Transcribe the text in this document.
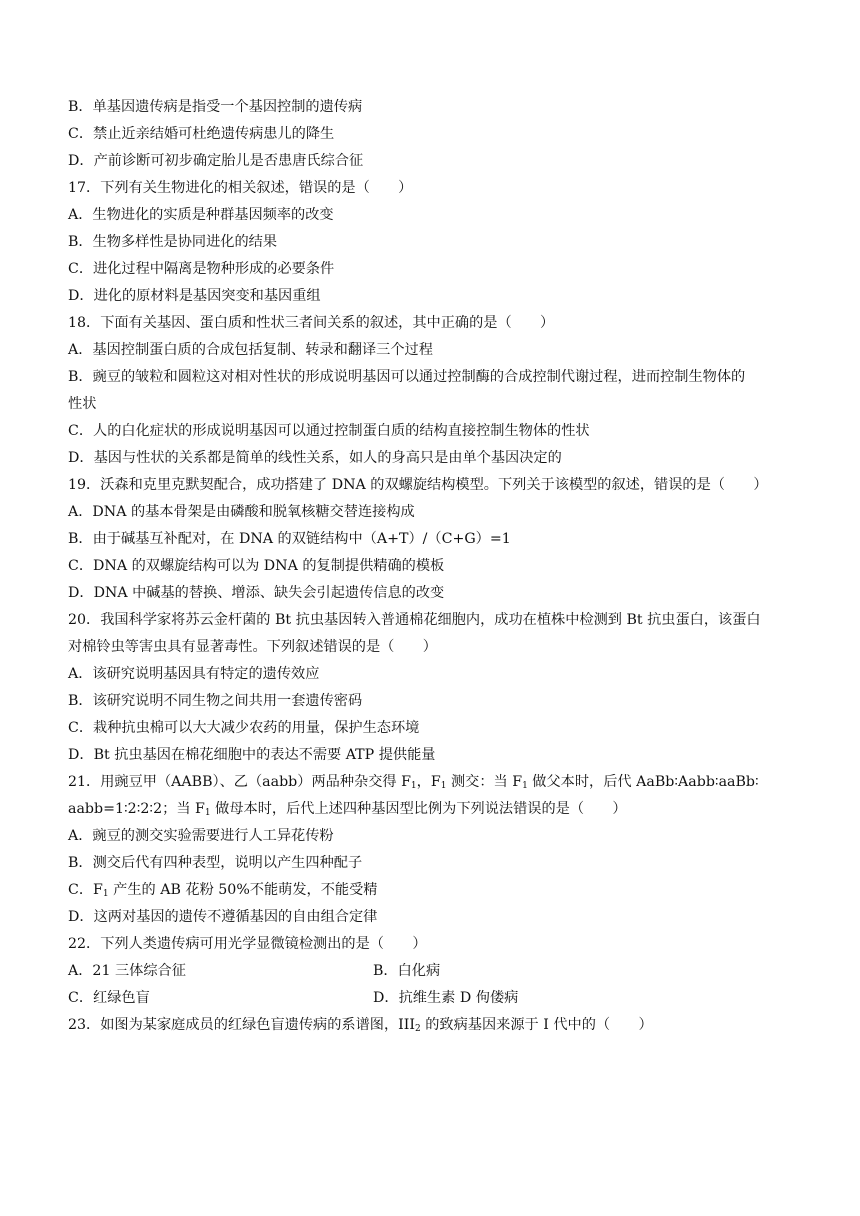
B．单基因遗传病是指受一个基因控制的遗传病
C．禁止近亲结婚可杜绝遗传病患儿的降生
D．产前诊断可初步确定胎儿是否患唐氏综合征
17．下列有关生物进化的相关叙述，错误的是（　　）
A．生物进化的实质是种群基因频率的改变
B．生物多样性是协同进化的结果
C．进化过程中隔离是物种形成的必要条件
D．进化的原材料是基因突变和基因重组
18．下面有关基因、蛋白质和性状三者间关系的叙述，其中正确的是（　　）
A．基因控制蛋白质的合成包括复制、转录和翻译三个过程
B．豌豆的皱粒和圆粒这对相对性状的形成说明基因可以通过控制酶的合成控制代谢过程，进而控制生物体的
性状
C．人的白化症状的形成说明基因可以通过控制蛋白质的结构直接控制生物体的性状
D．基因与性状的关系都是简单的线性关系，如人的身高只是由单个基因决定的
19．沃森和克里克默契配合，成功搭建了 DNA 的双螺旋结构模型。下列关于该模型的叙述，错误的是（　　）
A．DNA 的基本骨架是由磷酸和脱氧核糖交替连接构成
B．由于碱基互补配对，在 DNA 的双链结构中（A+T）/（C+G）=1
C．DNA 的双螺旋结构可以为 DNA 的复制提供精确的模板
D．DNA 中碱基的替换、增添、缺失会引起遗传信息的改变
20．我国科学家将苏云金杆菌的 Bt 抗虫基因转入普通棉花细胞内，成功在植株中检测到 Bt 抗虫蛋白，该蛋白
对棉铃虫等害虫具有显著毒性。下列叙述错误的是（　　）
A．该研究说明基因具有特定的遗传效应
B．该研究说明不同生物之间共用一套遗传密码
C．栽种抗虫棉可以大大减少农药的用量，保护生态环境
D．Bt 抗虫基因在棉花细胞中的表达不需要 ATP 提供能量
21．用豌豆甲（AABB）、乙（aabb）两品种杂交得 $F_1$，$F_1$ 测交：当 $F_1$ 做父本时，后代 AaBb∶Aabb∶aaBb∶
aabb=1∶2∶2∶2；当 $F_1$ 做母本时，后代上述四种基因型比例为下列说法错误的是（　　）
A．豌豆的测交实验需要进行人工异花传粉
B．测交后代有四种表型，说明以产生四种配子
C．$F_1$ 产生的 AB 花粉 50%不能萌发，不能受精
D．这两对基因的遗传不遵循基因的自由组合定律
22．下列人类遗传病可用光学显微镜检测出的是（　　）
A．21 三体综合征	B．白化病
C．红绿色盲	D．抗维生素 D 佝偻病
23．如图为某家庭成员的红绿色盲遗传病的系谱图，$III_2$ 的致病基因来源于 I 代中的（　　）
